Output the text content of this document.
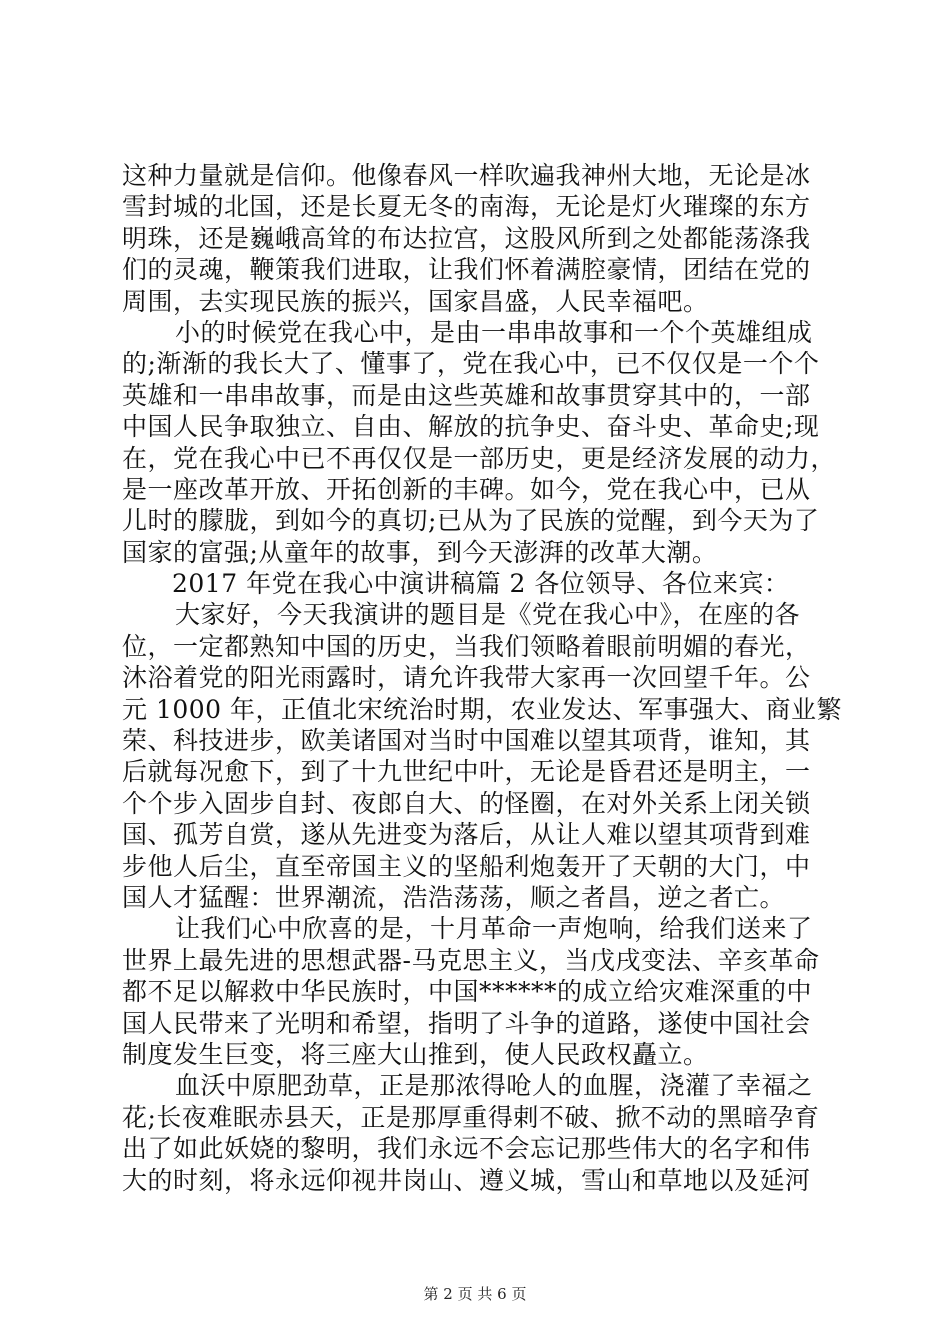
这种力量就是信仰。他像春风一样吹遍我神州大地，无论是冰
雪封城的北国，还是长夏无冬的南海，无论是灯火璀璨的东方
明珠，还是巍峨高耸的布达拉宫，这股风所到之处都能荡涤我
们的灵魂，鞭策我们进取，让我们怀着满腔豪情，团结在党的
周围，去实现民族的振兴，国家昌盛，人民幸福吧。
小的时候党在我心中，是由一串串故事和一个个英雄组成
的;渐渐的我长大了、懂事了，党在我心中，已不仅仅是一个个
英雄和一串串故事，而是由这些英雄和故事贯穿其中的，一部
中国人民争取独立、自由、解放的抗争史、奋斗史、革命史;现
在，党在我心中已不再仅仅是一部历史，更是经济发展的动力，
是一座改革开放、开拓创新的丰碑。如今，党在我心中，已从
儿时的朦胧，到如今的真切;已从为了民族的觉醒，到今天为了
国家的富强;从童年的故事，到今天澎湃的改革大潮。
2017 年党在我心中演讲稿篇 2 各位领导、各位来宾：
大家好，今天我演讲的题目是《党在我心中》，在座的各
位，一定都熟知中国的历史，当我们领略着眼前明媚的春光，
沐浴着党的阳光雨露时，请允许我带大家再一次回望千年。公
元 1000 年，正值北宋统治时期，农业发达、军事强大、商业繁
荣、科技进步，欧美诸国对当时中国难以望其项背，谁知，其
后就每况愈下，到了十九世纪中叶，无论是昏君还是明主，一
个个步入固步自封、夜郎自大、的怪圈，在对外关系上闭关锁
国、孤芳自赏，遂从先进变为落后，从让人难以望其项背到难
步他人后尘，直至帝国主义的坚船利炮轰开了天朝的大门，中
国人才猛醒：世界潮流，浩浩荡荡，顺之者昌，逆之者亡。
让我们心中欣喜的是，十月革命一声炮响，给我们送来了
世界上最先进的思想武器-马克思主义，当戊戌变法、辛亥革命
都不足以解救中华民族时，中国******的成立给灾难深重的中
国人民带来了光明和希望，指明了斗争的道路，遂使中国社会
制度发生巨变，将三座大山推到，使人民政权矗立。
血沃中原肥劲草，正是那浓得呛人的血腥，浇灌了幸福之
花;长夜难眠赤县天，正是那厚重得剌不破、掀不动的黑暗孕育
出了如此妖娆的黎明，我们永远不会忘记那些伟大的名字和伟
大的时刻，将永远仰视井岗山、遵义城，雪山和草地以及延河
第 2 页 共 6 页
